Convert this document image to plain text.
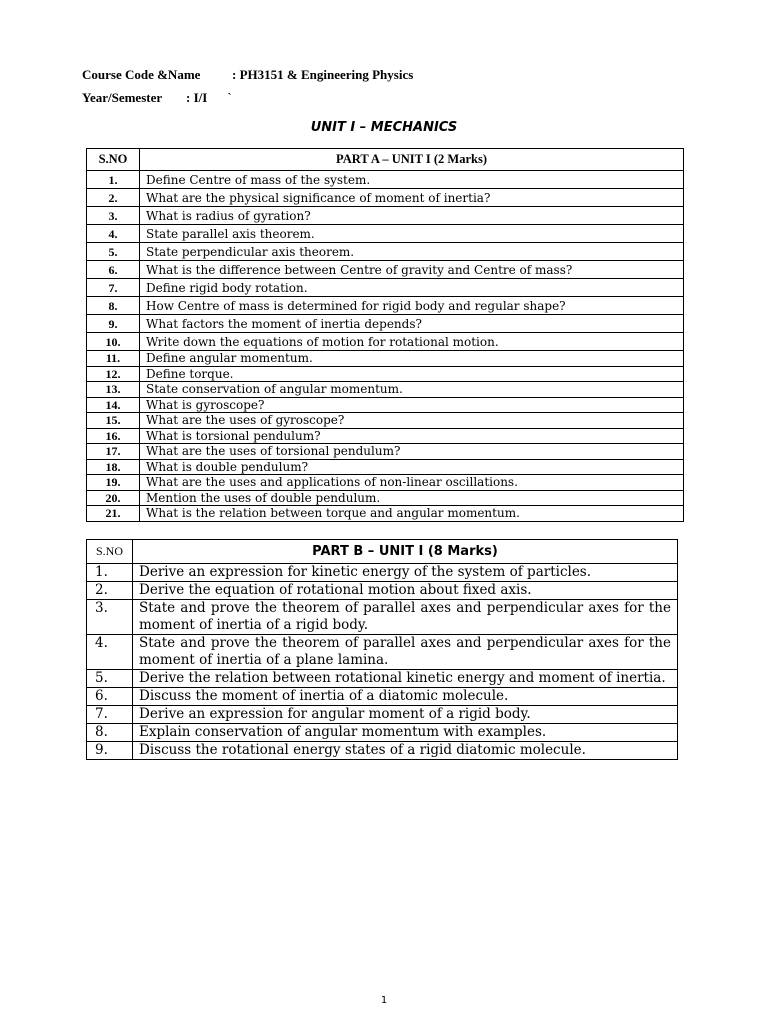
Course Code &Name : PH3151 & Engineering Physics
Year/Semester : I/I `
UNIT I – MECHANICS
S.NO	PART A – UNIT I (2 Marks)
1.	Define Centre of mass of the system.
2.	What are the physical significance of moment of inertia?
3.	What is radius of gyration?
4.	State parallel axis theorem.
5.	State perpendicular axis theorem.
6.	What is the difference between Centre of gravity and Centre of mass?
7.	Define rigid body rotation.
8.	How Centre of mass is determined for rigid body and regular shape?
9.	What factors the moment of inertia depends?
10.	Write down the equations of motion for rotational motion.
11.	Define angular momentum.
12.	Define torque.
13.	State conservation of angular momentum.
14.	What is gyroscope?
15.	What are the uses of gyroscope?
16.	What is torsional pendulum?
17.	What are the uses of torsional pendulum?
18.	What is double pendulum?
19.	What are the uses and applications of non-linear oscillations.
20.	Mention the uses of double pendulum.
21.	What is the relation between torque and angular momentum.
S.NO	PART B – UNIT I (8 Marks)
1.	Derive an expression for kinetic energy of the system of particles.
2.	Derive the equation of rotational motion about fixed axis.
3.	State and prove the theorem of parallel axes and perpendicular axes for the moment of inertia of a rigid body.
4.	State and prove the theorem of parallel axes and perpendicular axes for the moment of inertia of a plane lamina.
5.	Derive the relation between rotational kinetic energy and moment of inertia.
6.	Discuss the moment of inertia of a diatomic molecule.
7.	Derive an expression for angular moment of a rigid body.
8.	Explain conservation of angular momentum with examples.
9.	Discuss the rotational energy states of a rigid diatomic molecule.
1
